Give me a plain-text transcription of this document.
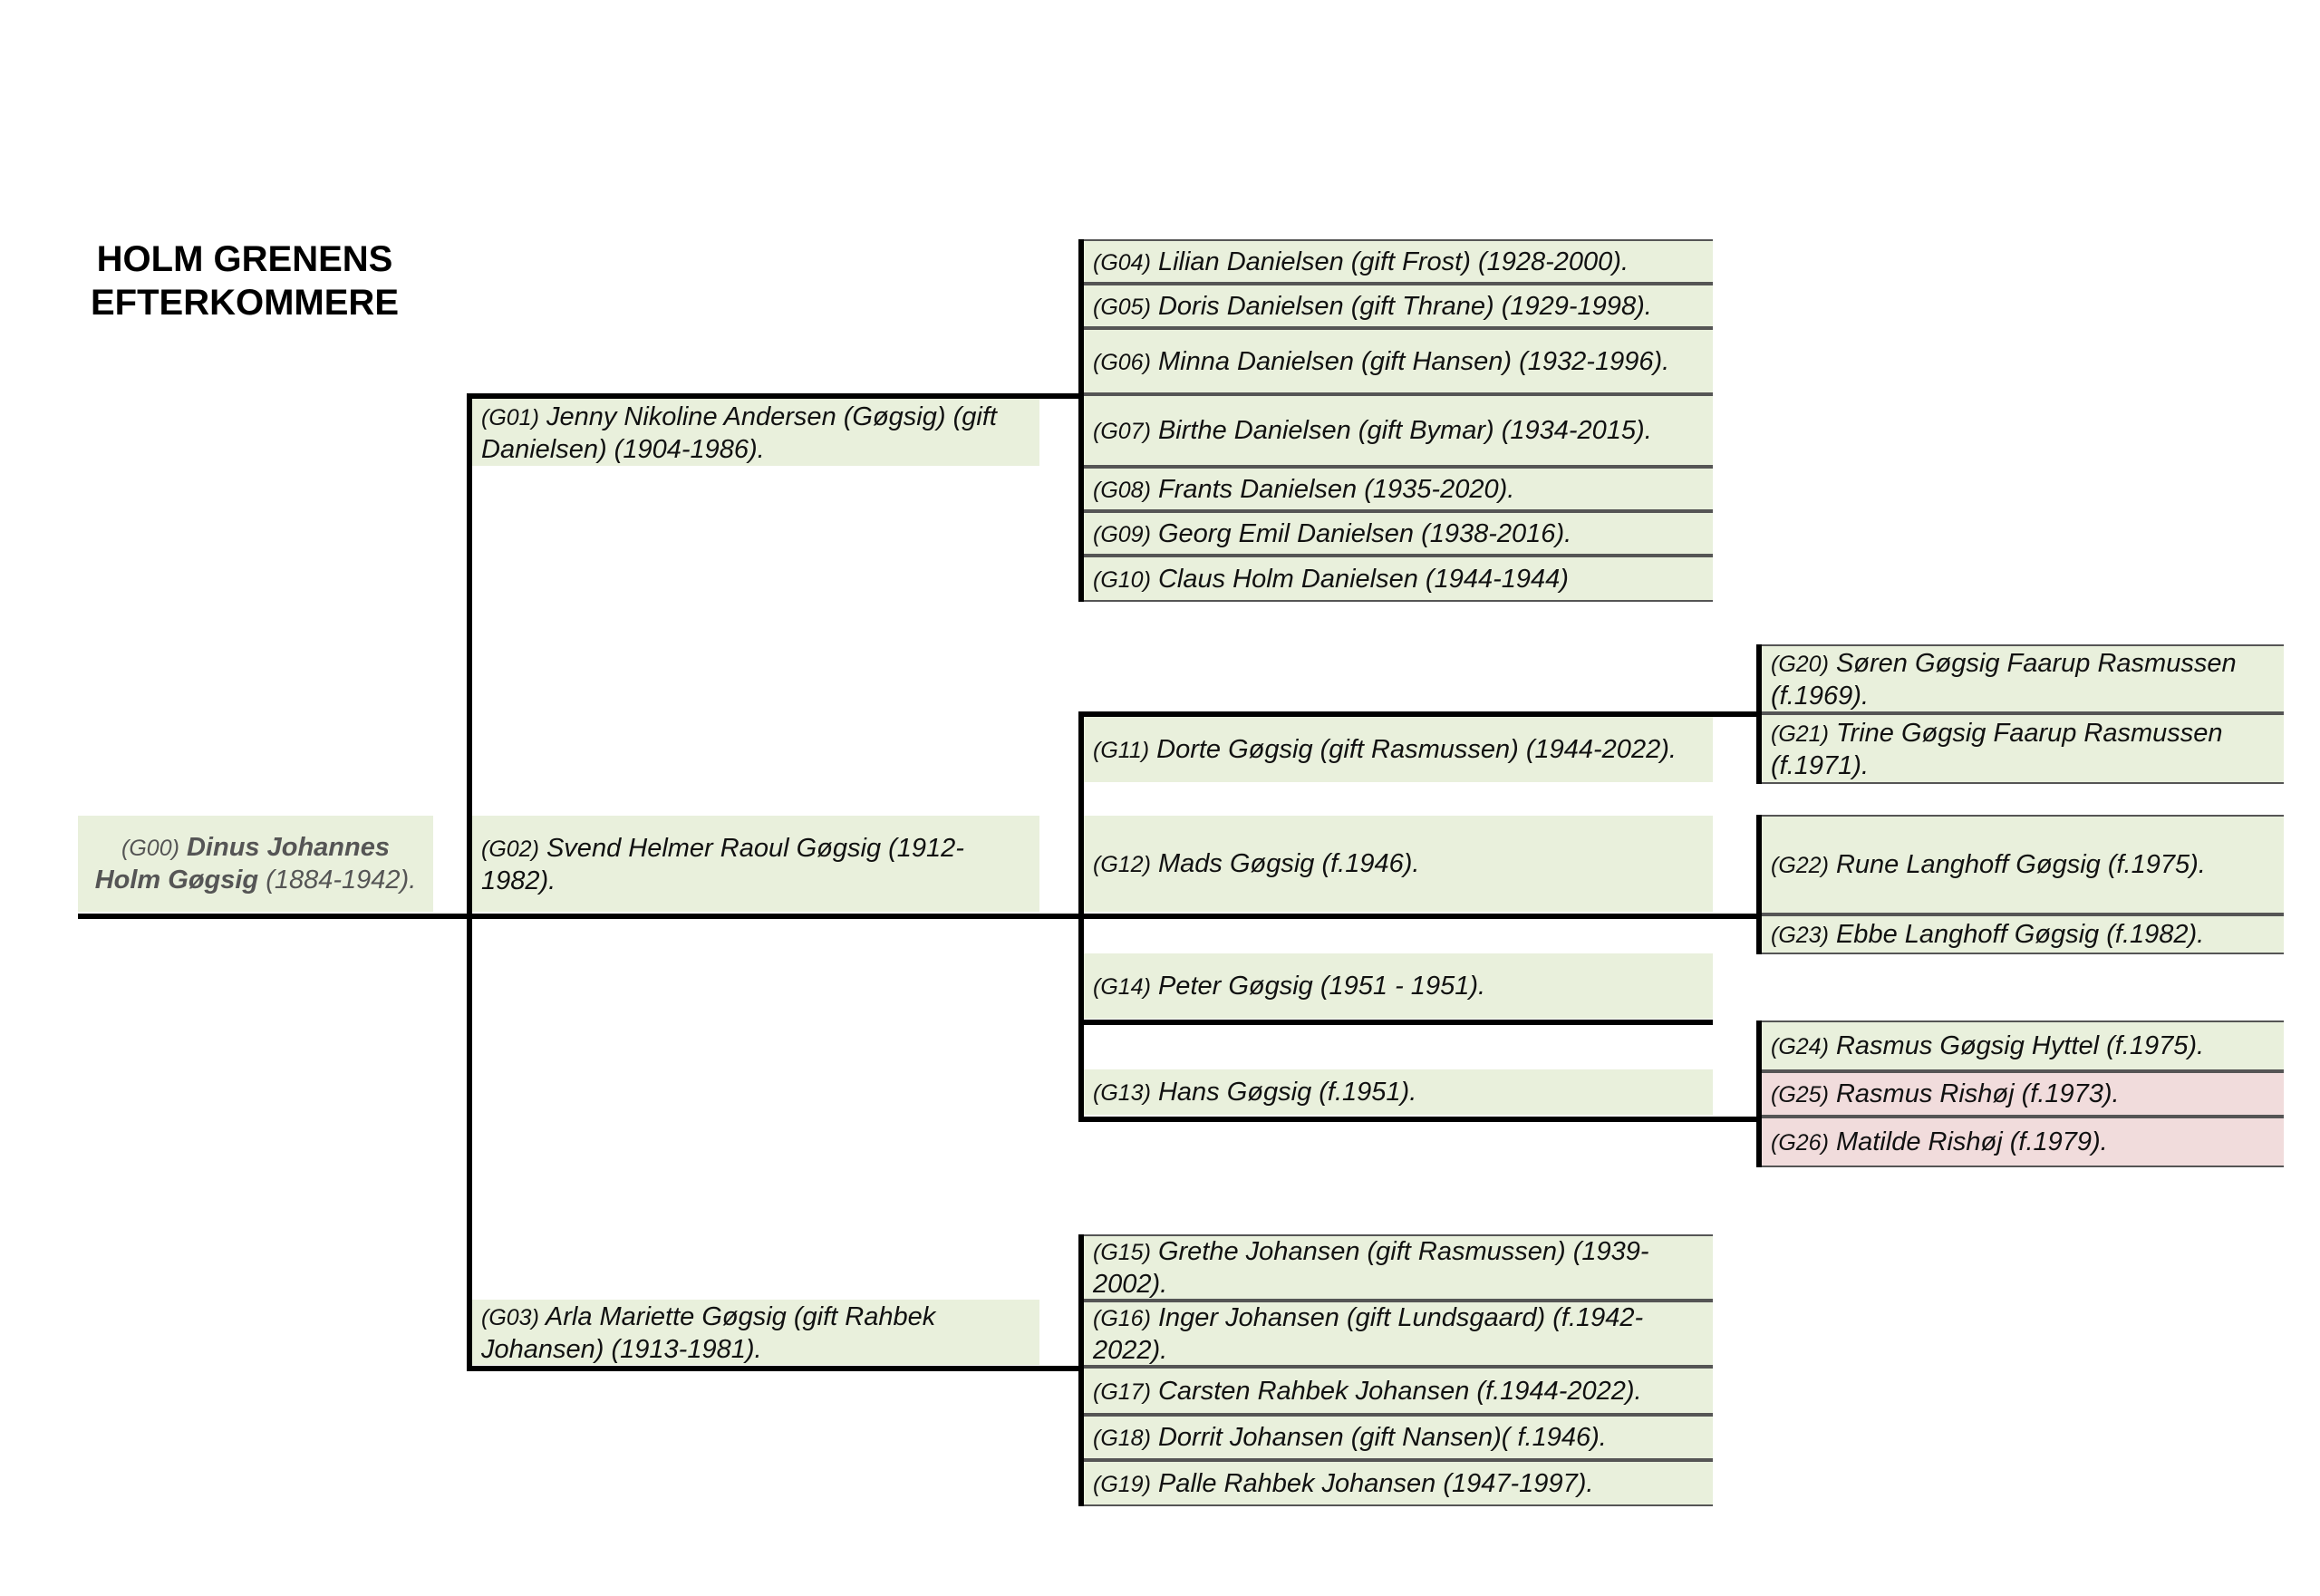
HOLM GRENENS
EFTERKOMMERE
(G00) Dinus Johannes Holm Gøgsig (1884-1942).
(G01) Jenny Nikoline Andersen (Gøgsig) (gift Danielsen) (1904-1986).
(G02) Svend Helmer Raoul Gøgsig (1912-1982).
(G03) Arla Mariette Gøgsig (gift Rahbek Johansen) (1913-1981).
(G04) Lilian Danielsen (gift Frost) (1928-2000).
(G05) Doris Danielsen (gift Thrane) (1929-1998).
(G06) Minna Danielsen (gift Hansen) (1932-1996).
(G07) Birthe Danielsen (gift Bymar) (1934-2015).
(G08) Frants Danielsen (1935-2020).
(G09) Georg Emil Danielsen (1938-2016).
(G10) Claus Holm Danielsen (1944-1944)
(G11) Dorte Gøgsig (gift Rasmussen) (1944-2022).
(G12) Mads Gøgsig (f.1946).
(G14) Peter Gøgsig (1951 - 1951).
(G13) Hans Gøgsig (f.1951).
(G15) Grethe Johansen (gift Rasmussen) (1939-2002).
(G16) Inger Johansen (gift Lundsgaard) (f.1942-2022).
(G17) Carsten Rahbek Johansen (f.1944-2022).
(G18) Dorrit Johansen (gift Nansen)( f.1946).
(G19) Palle Rahbek Johansen (1947-1997).
(G20) Søren Gøgsig Faarup Rasmussen (f.1969).
(G21) Trine Gøgsig Faarup Rasmussen (f.1971).
(G22) Rune Langhoff Gøgsig (f.1975).
(G23) Ebbe Langhoff Gøgsig (f.1982).
(G24) Rasmus Gøgsig Hyttel (f.1975).
(G25) Rasmus Rishøj (f.1973).
(G26) Matilde Rishøj (f.1979).
